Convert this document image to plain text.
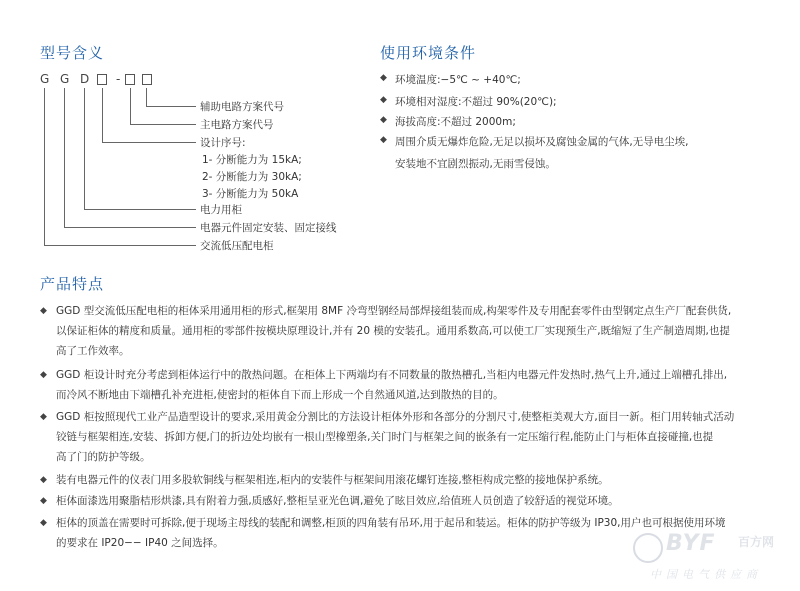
型号含义	使用环境条件
产品特点
G G D -
辅助电路方案代号
主电路方案代号
设计序号:
1- 分断能力为 15kA;
2- 分断能力为 30kA;
3- 分断能力为 50kA
电力用柜
电器元件固定安装、固定接线
交流低压配电柜
◆ 环境温度:−5℃ ~ +40℃;
◆ 环境相对湿度:不超过 90%(20℃);
◆ 海拔高度:不超过 2000m;
◆ 周围介质无爆炸危险,无足以损坏及腐蚀金属的气体,无导电尘埃,
安装地不宜剧烈振动,无雨雪侵蚀。
◆ GGD 型交流低压配电柜的柜体采用通用柜的形式,框架用 8MF 冷弯型钢经局部焊接组装而成,构架零件及专用配套零件由型钢定点生产厂配套供货,
以保证柜体的精度和质量。通用柜的零部件按模块原理设计,并有 20 模的安装孔。通用系数高,可以使工厂实现预生产,既缩短了生产制造周期,也提
高了工作效率。
◆ GGD 柜设计时充分考虑到柜体运行中的散热问题。在柜体上下两端均有不同数量的散热槽孔,当柜内电器元件发热时,热气上升,通过上端槽孔排出,
而冷风不断地由下端槽孔补充进柜,使密封的柜体自下而上形成一个自然通风道,达到散热的目的。
◆ GGD 柜按照现代工业产品造型设计的要求,采用黄金分割比的方法设计柜体外形和各部分的分割尺寸,使整柜美观大方,面目一新。柜门用转轴式活动
铰链与框架相连,安装、拆卸方便,门的折边处均嵌有一根山型橡塑条,关门时门与框架之间的嵌条有一定压缩行程,能防止门与柜体直接碰撞,也提
高了门的防护等级。
◆ 装有电器元件的仪表门用多股软铜线与框架相连,柜内的安装件与框架间用滚花螺钉连接,整柜构成完整的接地保护系统。
◆ 柜体面漆选用聚脂桔形烘漆,具有附着力强,质感好,整柜呈亚光色调,避免了眩目效应,给值班人员创造了较舒适的视觉环境。
◆ 柜体的顶盖在需要时可拆除,便于现场主母线的装配和调整,柜顶的四角装有吊环,用于起吊和装运。柜体的防护等级为 IP30,用户也可根据使用环境
的要求在 IP20−− IP40 之间选择。	BYF 百方网
中国电气供应商
